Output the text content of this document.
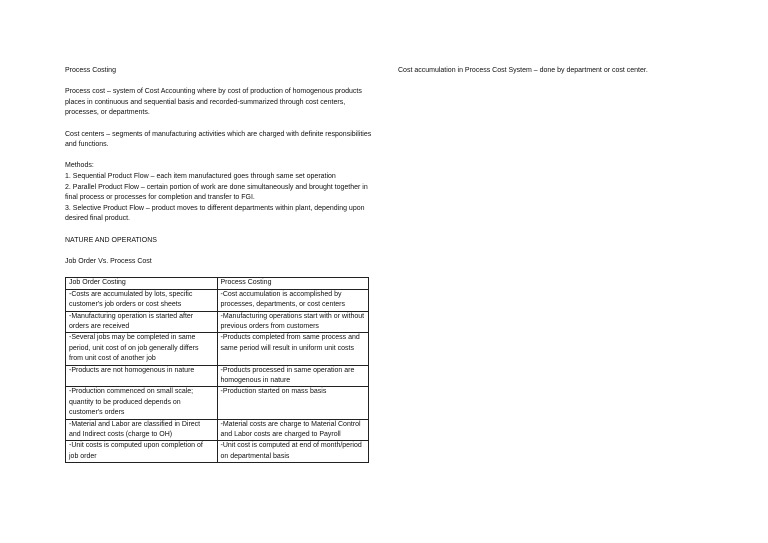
Process Costing

Process cost – system of Cost Accounting where by cost of production of homogenous products places in continuous and sequential basis and recorded-summarized through cost centers, processes, or departments.

Cost centers – segments of manufacturing activities which are charged with definite responsibilities and functions.

Methods:

1. Sequential Product Flow – each item manufactured goes through same set operation

2. Parallel Product Flow – certain portion of work are done simultaneously and brought together in final process or processes for completion and transfer to FGI.

3. Selective Product Flow – product moves to different departments within plant, depending upon desired final product.

NATURE AND OPERATIONS

Job Order Vs. Process Cost

Job Order Costing	Process Costing
-Costs are accumulated by lots, specific customer's job orders or cost sheets	-Cost accumulation is accomplished by processes, departments, or cost centers
-Manufacturing operation is started after orders are received	-Manufacturing operations start with or without previous orders from customers
-Several jobs may be completed in same period, unit cost of on job generally differs from unit cost of another job	-Products completed from same process and same period will result in uniform unit costs
-Products are not homogenous in nature	-Products processed in same operation are homogenous in nature
-Production commenced on small scale; quantity to be produced depends on customer's orders	-Production started on mass basis
-Material and Labor are classified in Direct and Indirect costs (charge to OH)	-Material costs are charge to Material Control and Labor costs are charged to Payroll
-Unit costs is computed upon completion of job order	-Unit cost is computed at end of month/period on departmental basis

Cost accumulation in Process Cost System – done by department or cost center.
